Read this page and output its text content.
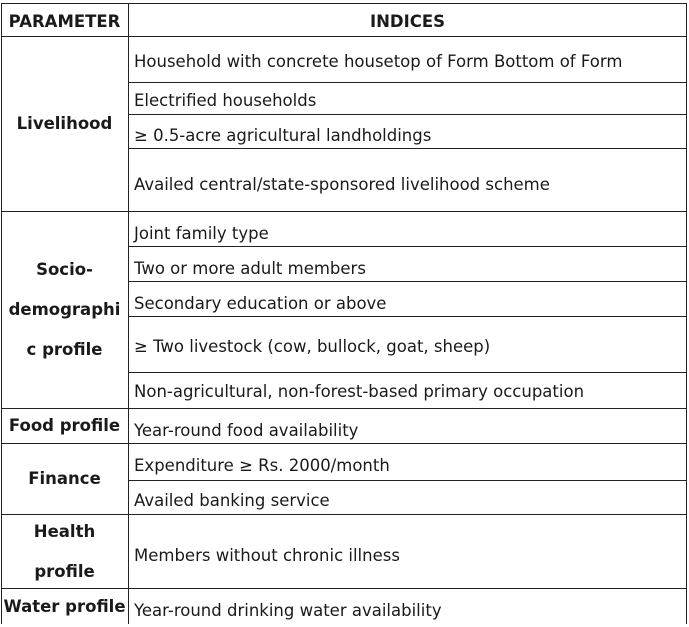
PARAMETER	INDICES
Livelihood
Household with concrete housetop of Form Bottom of Form
Electrified households
≥ 0.5-acre agricultural landholdings
Availed central/state-sponsored livelihood scheme
Socio-
demographi
c profile
Joint family type
Two or more adult members
Secondary education or above
≥ Two livestock (cow, bullock, goat, sheep)
Non-agricultural, non-forest-based primary occupation
Food profile Year-round food availability
Finance
Expenditure ≥ Rs. 2000/month
Availed banking service
Health
profile
Members without chronic illness
Water profile Year-round drinking water availability
